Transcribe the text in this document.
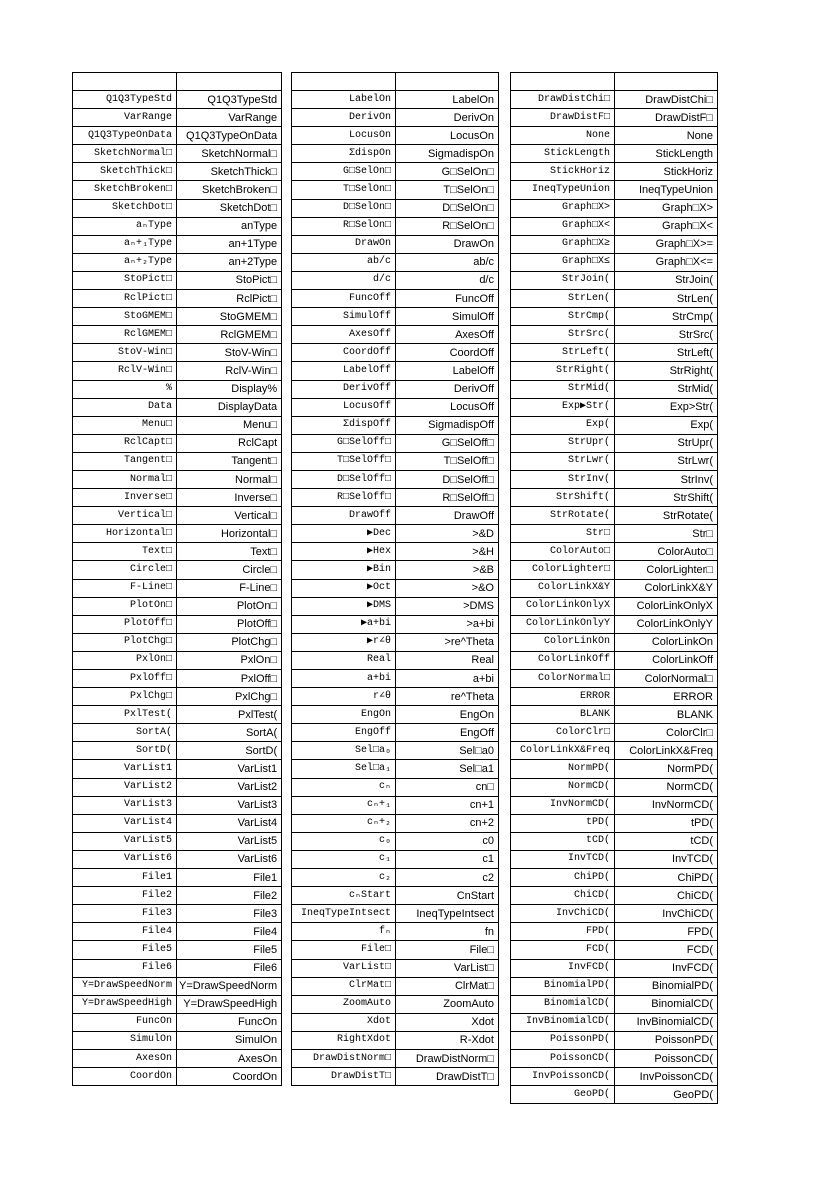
Q1Q3TypeStd	Q1Q3TypeStd
VarRange	VarRange
Q1Q3TypeOnData	Q1Q3TypeOnData
SketchNormal□	SketchNormal□
SketchThick□	SketchThick□
SketchBroken□	SketchBroken□
SketchDot□	SketchDot□
aₙType	anType
aₙ+₁Type	an+1Type
aₙ+₂Type	an+2Type
StoPict□	StoPict□
RclPict□	RclPict□
StoGMEM□	StoGMEM□
RclGMEM□	RclGMEM□
StoV-Win□	StoV-Win□
RclV-Win□	RclV-Win□
%	Display%
Data	DisplayData
Menu□	Menu□
RclCapt□	RclCapt
Tangent□	Tangent□
Normal□	Normal□
Inverse□	Inverse□
Vertical□	Vertical□
Horizontal□	Horizontal□
Text□	Text□
Circle□	Circle□
F-Line□	F-Line□
PlotOn□	PlotOn□
PlotOff□	PlotOff□
PlotChg□	PlotChg□
PxlOn□	PxlOn□
PxlOff□	PxlOff□
PxlChg□	PxlChg□
PxlTest(	PxlTest(
SortA(	SortA(
SortD(	SortD(
VarList1	VarList1
VarList2	VarList2
VarList3	VarList3
VarList4	VarList4
VarList5	VarList5
VarList6	VarList6
File1	File1
File2	File2
File3	File3
File4	File4
File5	File5
File6	File6
Y=DrawSpeedNorm	Y=DrawSpeedNorm
Y=DrawSpeedHigh	Y=DrawSpeedHigh
FuncOn	FuncOn
SimulOn	SimulOn
AxesOn	AxesOn
CoordOn	CoordOn

LabelOn	LabelOn
DerivOn	DerivOn
LocusOn	LocusOn
ΣdispOn	SigmadispOn
G□SelOn□	G□SelOn□
T□SelOn□	T□SelOn□
D□SelOn□	D□SelOn□
R□SelOn□	R□SelOn□
DrawOn	DrawOn
ab/c	ab/c
d/c	d/c
FuncOff	FuncOff
SimulOff	SimulOff
AxesOff	AxesOff
CoordOff	CoordOff
LabelOff	LabelOff
DerivOff	DerivOff
LocusOff	LocusOff
ΣdispOff	SigmadispOff
G□SelOff□	G□SelOff□
T□SelOff□	T□SelOff□
D□SelOff□	D□SelOff□
R□SelOff□	R□SelOff□
DrawOff	DrawOff
▶Dec	>&D
▶Hex	>&H
▶Bin	>&B
▶Oct	>&O
▶DMS	>DMS
▶a+bi	>a+bi
▶r∠θ	>re^Theta
Real	Real
a+bi	a+bi
r∠θ	re^Theta
EngOn	EngOn
EngOff	EngOff
Sel□a₀	Sel□a0
Sel□a₁	Sel□a1
cₙ	cn□
cₙ+₁	cn+1
cₙ+₂	cn+2
c₀	c0
c₁	c1
c₂	c2
cₙStart	CnStart
IneqTypeIntsect	IneqTypeIntsect
fₙ	fn
File□	File□
VarList□	VarList□
ClrMat□	ClrMat□
ZoomAuto	ZoomAuto
Xdot	Xdot
RightXdot	R-Xdot
DrawDistNorm□	DrawDistNorm□
DrawDistT□	DrawDistT□

DrawDistChi□	DrawDistChi□
DrawDistF□	DrawDistF□
None	None
StickLength	StickLength
StickHoriz	StickHoriz
IneqTypeUnion	IneqTypeUnion
Graph□X>	Graph□X>
Graph□X<	Graph□X<
Graph□X≥	Graph□X>=
Graph□X≤	Graph□X<=
StrJoin(	StrJoin(
StrLen(	StrLen(
StrCmp(	StrCmp(
StrSrc(	StrSrc(
StrLeft(	StrLeft(
StrRight(	StrRight(
StrMid(	StrMid(
Exp▶Str(	Exp>Str(
Exp(	Exp(
StrUpr(	StrUpr(
StrLwr(	StrLwr(
StrInv(	StrInv(
StrShift(	StrShift(
StrRotate(	StrRotate(
Str□	Str□
ColorAuto□	ColorAuto□
ColorLighter□	ColorLighter□
ColorLinkX&Y	ColorLinkX&Y
ColorLinkOnlyX	ColorLinkOnlyX
ColorLinkOnlyY	ColorLinkOnlyY
ColorLinkOn	ColorLinkOn
ColorLinkOff	ColorLinkOff
ColorNormal□	ColorNormal□
ERROR	ERROR
BLANK	BLANK
ColorClr□	ColorClr□
ColorLinkX&Freq	ColorLinkX&Freq
NormPD(	NormPD(
NormCD(	NormCD(
InvNormCD(	InvNormCD(
tPD(	tPD(
tCD(	tCD(
InvTCD(	InvTCD(
ChiPD(	ChiPD(
ChiCD(	ChiCD(
InvChiCD(	InvChiCD(
FPD(	FPD(
FCD(	FCD(
InvFCD(	InvFCD(
BinomialPD(	BinomialPD(
BinomialCD(	BinomialCD(
InvBinomialCD(	InvBinomialCD(
PoissonPD(	PoissonPD(
PoissonCD(	PoissonCD(
InvPoissonCD(	InvPoissonCD(
GeoPD(	GeoPD(
